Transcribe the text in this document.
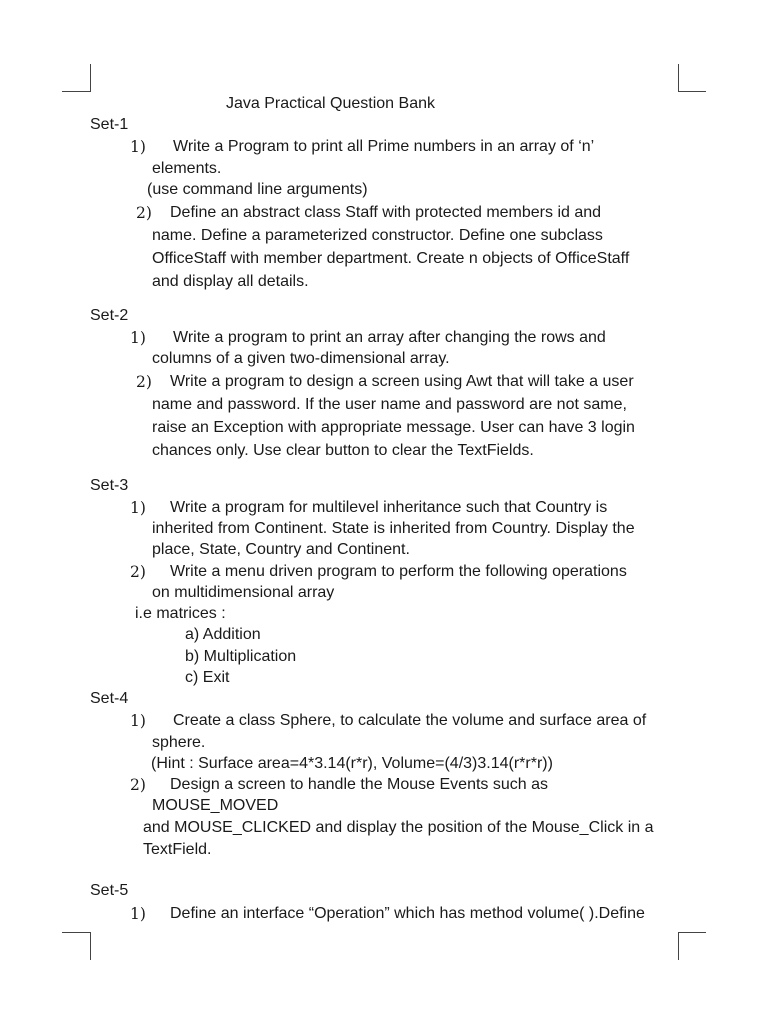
Java Practical Question Bank
Set-1
1) Write a Program to print all Prime numbers in an array of ‘n’
elements.
(use command line arguments)
2) Define an abstract class Staff with protected members id and
name. Define a parameterized constructor. Define one subclass
OfficeStaff with member department. Create n objects of OfficeStaff
and display all details.
Set-2
1) Write a program to print an array after changing the rows and
columns of a given two-dimensional array.
2) Write a program to design a screen using Awt that will take a user
name and password. If the user name and password are not same,
raise an Exception with appropriate message. User can have 3 login
chances only. Use clear button to clear the TextFields.
Set-3
1) Write a program for multilevel inheritance such that Country is
inherited from Continent. State is inherited from Country. Display the
place, State, Country and Continent.
2) Write a menu driven program to perform the following operations
on multidimensional array
i.e matrices :
a) Addition
b) Multiplication
c) Exit
Set-4
1) Create a class Sphere, to calculate the volume and surface area of
sphere.
(Hint : Surface area=4*3.14(r*r), Volume=(4/3)3.14(r*r*r))
2) Design a screen to handle the Mouse Events such as
MOUSE_MOVED
and MOUSE_CLICKED and display the position of the Mouse_Click in a
TextField.
Set-5
1) Define an interface “Operation” which has method volume( ).Define
